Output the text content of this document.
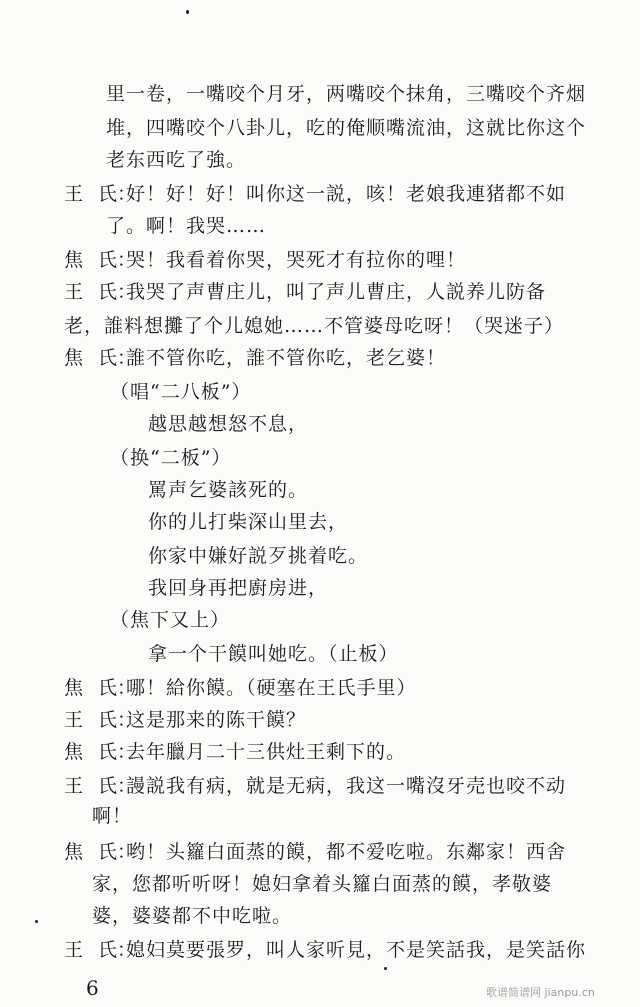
里一卷，一嘴咬个月牙，两嘴咬个抹角，三嘴咬个齐烟
堆，四嘴咬个八卦儿，吃的俺顺嘴流油，这就比你这个
老东西吃了強。
王 氏：
好！好！好！叫你这一説，咳！老娘我連猪都不如
了。啊！我哭……
焦 氏：
哭！我看着你哭，哭死才有拉你的哩！
王 氏：
我哭了声曹庄儿，叫了声儿曹庄，人説养儿防备
老，誰料想攤了个儿媳她……不管婆母吃呀！（哭迷子）
焦 氏：
誰不管你吃，誰不管你吃，老乞婆！
（唱“二八板”）
越思越想怒不息，
（换“二板”）
罵声乞婆該死的。
你的儿打柴深山里去，
你家中嫌好説歹挑着吃。
我回身再把廚房进，
（焦下又上）
拿一个干饃叫她吃。（止板）
焦 氏：
哪！給你饃。（硬塞在王氏手里）
王 氏：
这是那来的陈干饃？
焦 氏：
去年臘月二十三供灶王剩下的。
王 氏：
謾説我有病，就是无病，我这一嘴沒牙売也咬不动
啊！
焦 氏：
哟！头籮白面蒸的饃，都不爱吃啦。东鄰家！西舍
家，您都听听呀！媳妇拿着头籮白面蒸的饃，孝敬婆
婆，婆婆都不中吃啦。
王 氏：
媳妇莫要張罗，叫人家听見，不是笑話我，是笑話你
6	歌谱简谱网 jianpu.cn
